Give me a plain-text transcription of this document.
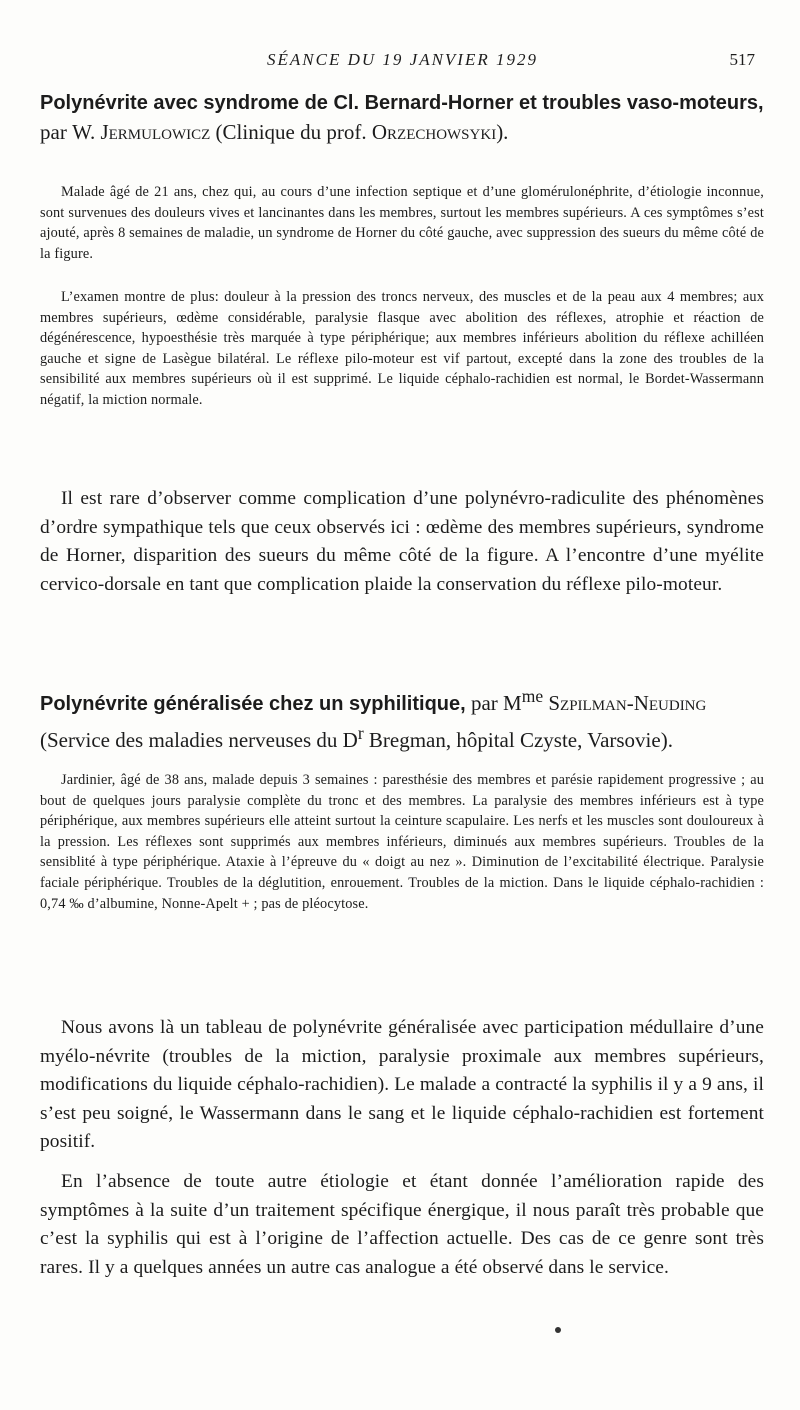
SÉANCE DU 19 JANVIER 1929	517
Polynévrite avec syndrome de Cl. Bernard-Horner et troubles vaso-moteurs, par W. Jermulowicz (Clinique du prof. Orzechowsyki).

Malade âgé de 21 ans, chez qui, au cours d’une infection septique et d’une glomérulonéphrite, d’étiologie inconnue, sont survenues des douleurs vives et lancinantes dans les membres, surtout les membres supérieurs. A ces symptômes s’est ajouté, après 8 semaines de maladie, un syndrome de Horner du côté gauche, avec suppression des sueurs du même côté de la figure.

L’examen montre de plus: douleur à la pression des troncs nerveux, des muscles et de la peau aux 4 membres; aux membres supérieurs, œdème considérable, paralysie flasque avec abolition des réflexes, atrophie et réaction de dégénérescence, hypoesthésie très marquée à type périphérique; aux membres inférieurs abolition du réflexe achilléen gauche et signe de Lasègue bilatéral. Le réflexe pilo-moteur est vif partout, excepté dans la zone des troubles de la sensibilité aux membres supérieurs où il est supprimé. Le liquide céphalo-rachidien est normal, le Bordet-Wassermann négatif, la miction normale.

Il est rare d’observer comme complication d’une polynévro-radiculite des phénomènes d’ordre sympathique tels que ceux observés ici : œdème des membres supérieurs, syndrome de Horner, disparition des sueurs du même côté de la figure. A l’encontre d’une myélite cervico-dorsale en tant que complication plaide la conservation du réflexe pilo-moteur.

Polynévrite généralisée chez un syphilitique, par $M^{me}$ Szpilman-Neuding (Service des maladies nerveuses du $D^r$ Bregman, hôpital Czyste, Varsovie).

Jardinier, âgé de 38 ans, malade depuis 3 semaines : paresthésie des membres et parésie rapidement progressive ; au bout de quelques jours paralysie complète du tronc et des membres. La paralysie des membres inférieurs est à type périphérique, aux membres supérieurs elle atteint surtout la ceinture scapulaire. Les nerfs et les muscles sont douloureux à la pression. Les réflexes sont supprimés aux membres inférieurs, diminués aux membres supérieurs. Troubles de la sensiblité à type périphérique. Ataxie à l’épreuve du « doigt au nez ». Diminution de l’excitabilité électrique. Paralysie faciale périphérique. Troubles de la déglutition, enrouement. Troubles de la miction. Dans le liquide céphalo-rachidien : 0,74 ‰ d’albumine, Nonne-Apelt + ; pas de pléocytose.

Nous avons là un tableau de polynévrite généralisée avec participation médullaire d’une myélo-névrite (troubles de la miction, paralysie proximale aux membres supérieurs, modifications du liquide céphalo-rachidien). Le malade a contracté la syphilis il y a 9 ans, il s’est peu soigné, le Wassermann dans le sang et le liquide céphalo-rachidien est fortement positif.

En l’absence de toute autre étiologie et étant donnée l’amélioration rapide des symptômes à la suite d’un traitement spécifique énergique, il nous paraît très probable que c’est la syphilis qui est à l’origine de l’affection actuelle. Des cas de ce genre sont très rares. Il y a quelques années un autre cas analogue a été observé dans le service.
